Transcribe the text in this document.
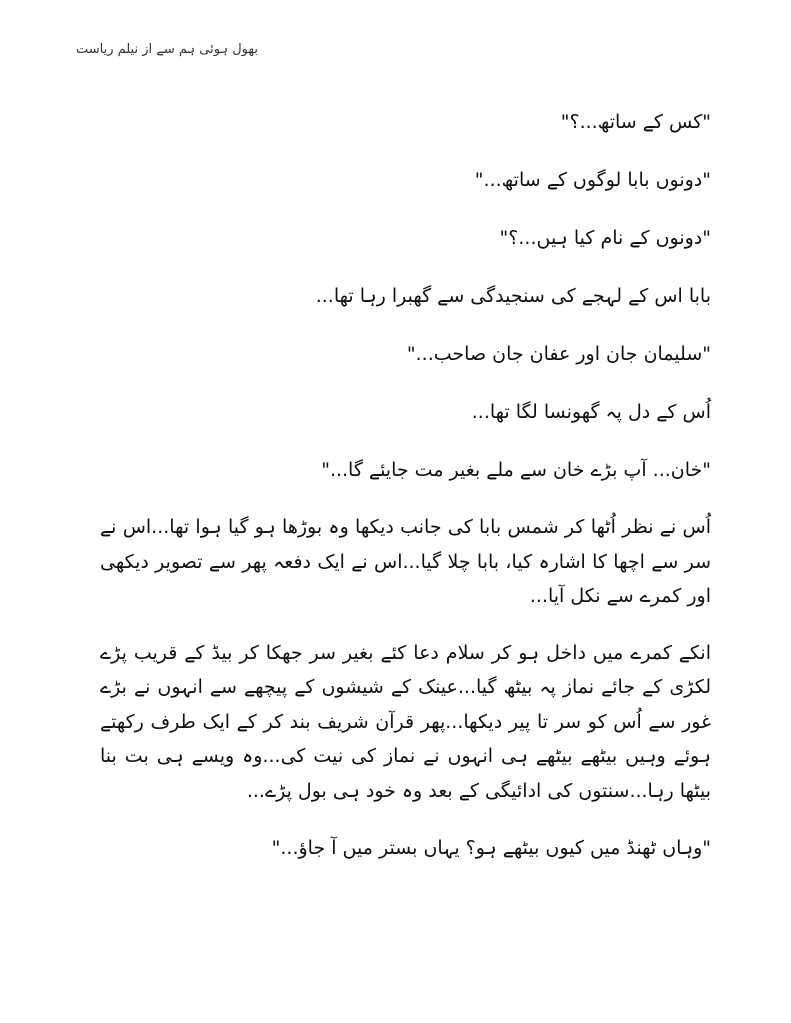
بھول ہوئی ہم سے از نیلم ریاست

"کس کے ساتھ...؟"

"دونوں بابا لوگوں کے ساتھ..."

"دونوں کے نام کیا ہیں...؟"

بابا اس کے لہجے کی سنجیدگی سے گھبرا رہا تھا...

"سلیمان جان اور عفان جان صاحب..."

اُس کے دل پہ گھونسا لگا تھا...

"خان... آپ بڑے خان سے ملے بغیر مت جایئے گا..."

اُس نے نظر اُٹھا کر شمس بابا کی جانب دیکھا وہ بوڑھا ہو گیا ہوا تھا...اس نے سر سے اچھا کا اشارہ کیا، بابا چلا گیا...اس نے ایک دفعہ پھر سے تصویر دیکھی اور کمرے سے نکل آیا...

انکے کمرے میں داخل ہو کر سلام دعا کئے بغیر سر جھکا کر بیڈ کے قریب پڑے لکڑی کے جائے نماز پہ بیٹھ گیا...عینک کے شیشوں کے پیچھے سے انہوں نے بڑے غور سے اُس کو سر تا پیر دیکھا...پھر قرآن شریف بند کر کے ایک طرف رکھتے ہوئے وہیں بیٹھے بیٹھے ہی انہوں نے نماز کی نیت کی...وہ ویسے ہی بت بنا بیٹھا رہا...سنتوں کی ادائیگی کے بعد وہ خود ہی بول پڑے...

"وہاں ٹھنڈ میں کیوں بیٹھے ہو؟ یہاں بستر میں آ جاؤ..."
